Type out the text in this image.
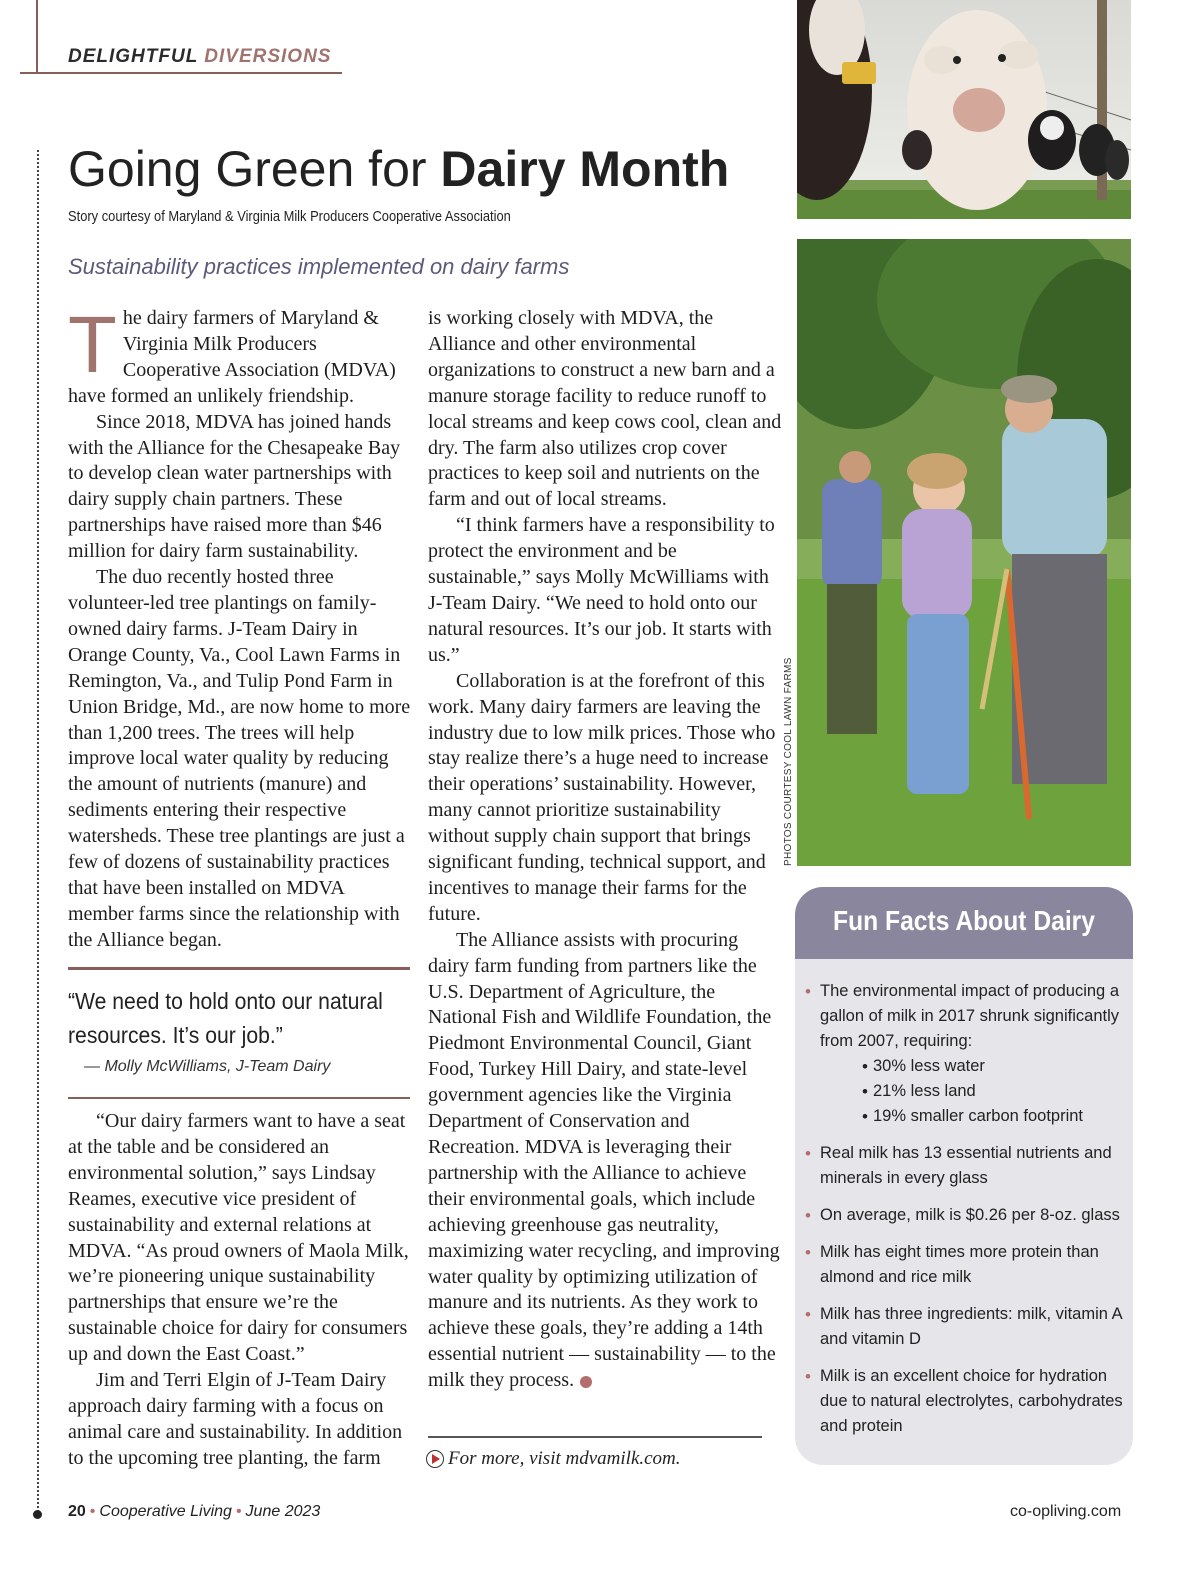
DELIGHTFUL DIVERSIONS
Going Green for Dairy Month
Story courtesy of Maryland & Virginia Milk Producers Cooperative Association
Sustainability practices implemented on dairy farms

The dairy farmers of Maryland & Virginia Milk Producers Cooperative Association (MDVA) have formed an unlikely friendship.

Since 2018, MDVA has joined hands with the Alliance for the Chesapeake Bay to develop clean water partnerships with dairy supply chain partners. These partnerships have raised more than $46 million for dairy farm sustainability.

The duo recently hosted three volunteer-led tree plantings on family-owned dairy farms. J-Team Dairy in Orange County, Va., Cool Lawn Farms in Remington, Va., and Tulip Pond Farm in Union Bridge, Md., are now home to more than 1,200 trees. The trees will help improve local water quality by reducing the amount of nutrients (manure) and sediments entering their respective watersheds. These tree plantings are just a few of dozens of sustainability practices that have been installed on MDVA member farms since the relationship with the Alliance began.

“We need to hold onto our natural resources. It’s our job.”
— Molly McWilliams, J-Team Dairy

“Our dairy farmers want to have a seat at the table and be considered an environmental solution,” says Lindsay Reames, executive vice president of sustainability and external relations at MDVA. “As proud owners of Maola Milk, we’re pioneering unique sustainability partnerships that ensure we’re the sustainable choice for dairy for consumers up and down the East Coast.”

Jim and Terri Elgin of J-Team Dairy approach dairy farming with a focus on animal care and sustainability. In addition to the upcoming tree planting, the farm

is working closely with MDVA, the Alliance and other environmental organizations to construct a new barn and a manure storage facility to reduce runoff to local streams and keep cows cool, clean and dry. The farm also utilizes crop cover practices to keep soil and nutrients on the farm and out of local streams.

“I think farmers have a responsibility to protect the environment and be sustainable,” says Molly McWilliams with J-Team Dairy. “We need to hold onto our natural resources. It’s our job. It starts with us.”

Collaboration is at the forefront of this work. Many dairy farmers are leaving the industry due to low milk prices. Those who stay realize there’s a huge need to increase their operations’ sustainability. However, many cannot prioritize sustainability without supply chain support that brings significant funding, technical support, and incentives to manage their farms for the future.

The Alliance assists with procuring dairy farm funding from partners like the U.S. Department of Agriculture, the National Fish and Wildlife Foundation, the Piedmont Environmental Council, Giant Food, Turkey Hill Dairy, and state-level government agencies like the Virginia Department of Conservation and Recreation. MDVA is leveraging their partnership with the Alliance to achieve their environmental goals, which include achieving greenhouse gas neutrality, maximizing water recycling, and improving water quality by optimizing utilization of manure and its nutrients. As they work to achieve these goals, they’re adding a 14th essential nutrient — sustainability — to the milk they process.

For more, visit mdvamilk.com.
PHOTOS COURTESY COOL LAWN FARMS
Fun Facts About Dairy
• The environmental impact of producing a gallon of milk in 2017 shrunk significantly from 2007, requiring:
• 30% less water
• 21% less land
• 19% smaller carbon footprint
• Real milk has 13 essential nutrients and minerals in every glass
• On average, milk is $0.26 per 8-oz. glass
• Milk has eight times more protein than almond and rice milk
• Milk has three ingredients: milk, vitamin A and vitamin D
• Milk is an excellent choice for hydration due to natural electrolytes, carbohydrates and protein
20 • Cooperative Living • June 2023	co-opliving.com
